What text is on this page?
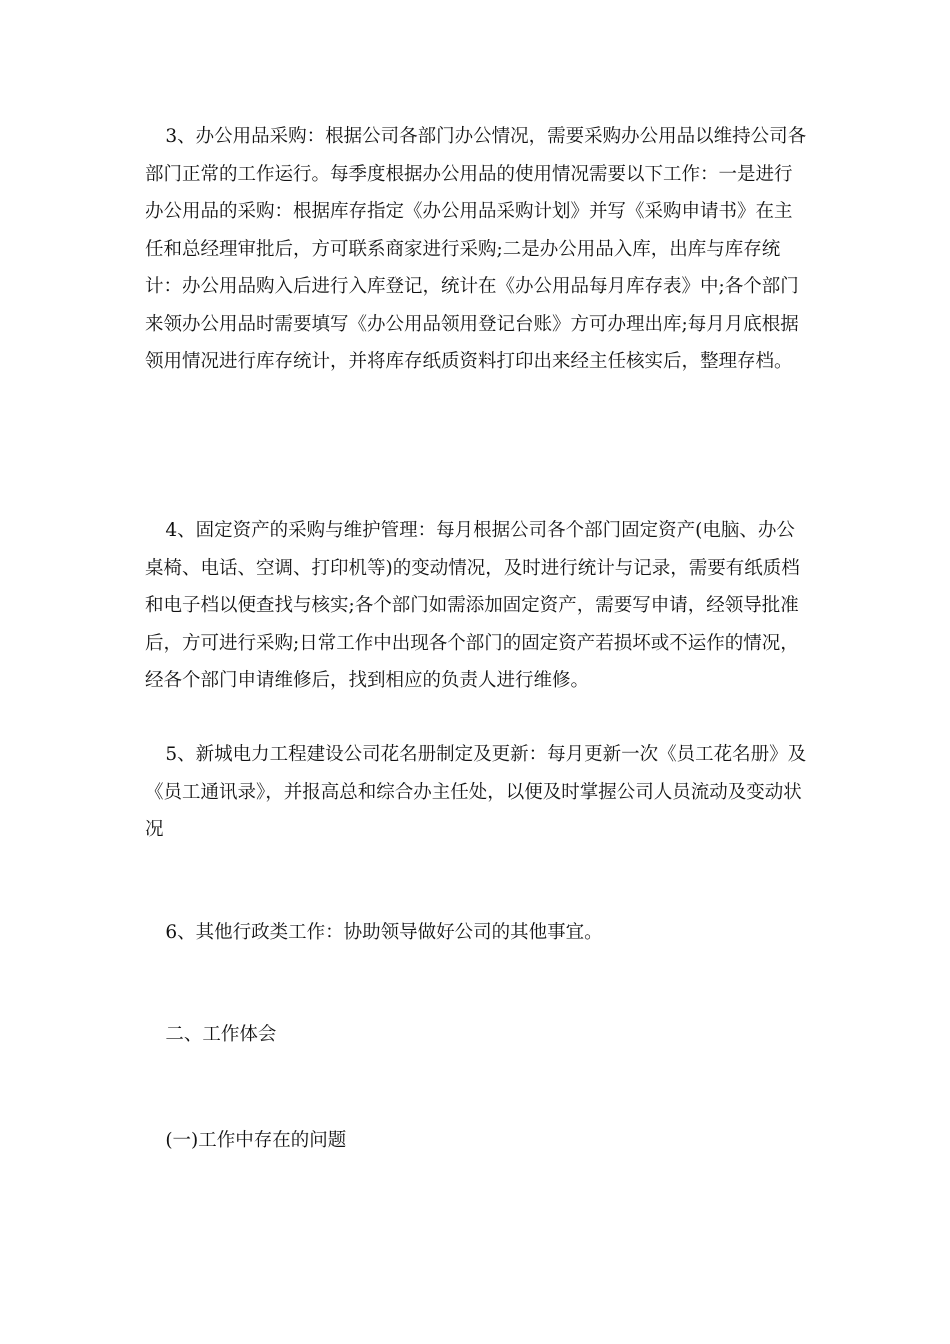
3、办公用品采购：根据公司各部门办公情况，需要采购办公用品以维持公司各部门正常的工作运行。每季度根据办公用品的使用情况需要以下工作：一是进行办公用品的采购：根据库存指定《办公用品采购计划》并写《采购申请书》在主任和总经理审批后，方可联系商家进行采购;二是办公用品入库，出库与库存统计：办公用品购入后进行入库登记，统计在《办公用品每月库存表》中;各个部门来领办公用品时需要填写《办公用品领用登记台账》方可办理出库;每月月底根据领用情况进行库存统计，并将库存纸质资料打印出来经主任核实后，整理存档。

4、固定资产的采购与维护管理：每月根据公司各个部门固定资产(电脑、办公桌椅、电话、空调、打印机等)的变动情况，及时进行统计与记录，需要有纸质档和电子档以便查找与核实;各个部门如需添加固定资产，需要写申请，经领导批准后，方可进行采购;日常工作中出现各个部门的固定资产若损坏或不运作的情况，经各个部门申请维修后，找到相应的负责人进行维修。

5、新城电力工程建设公司花名册制定及更新：每月更新一次《员工花名册》及《员工通讯录》，并报高总和综合办主任处，以便及时掌握公司人员流动及变动状况

6、其他行政类工作：协助领导做好公司的其他事宜。

二、工作体会

(一)工作中存在的问题
